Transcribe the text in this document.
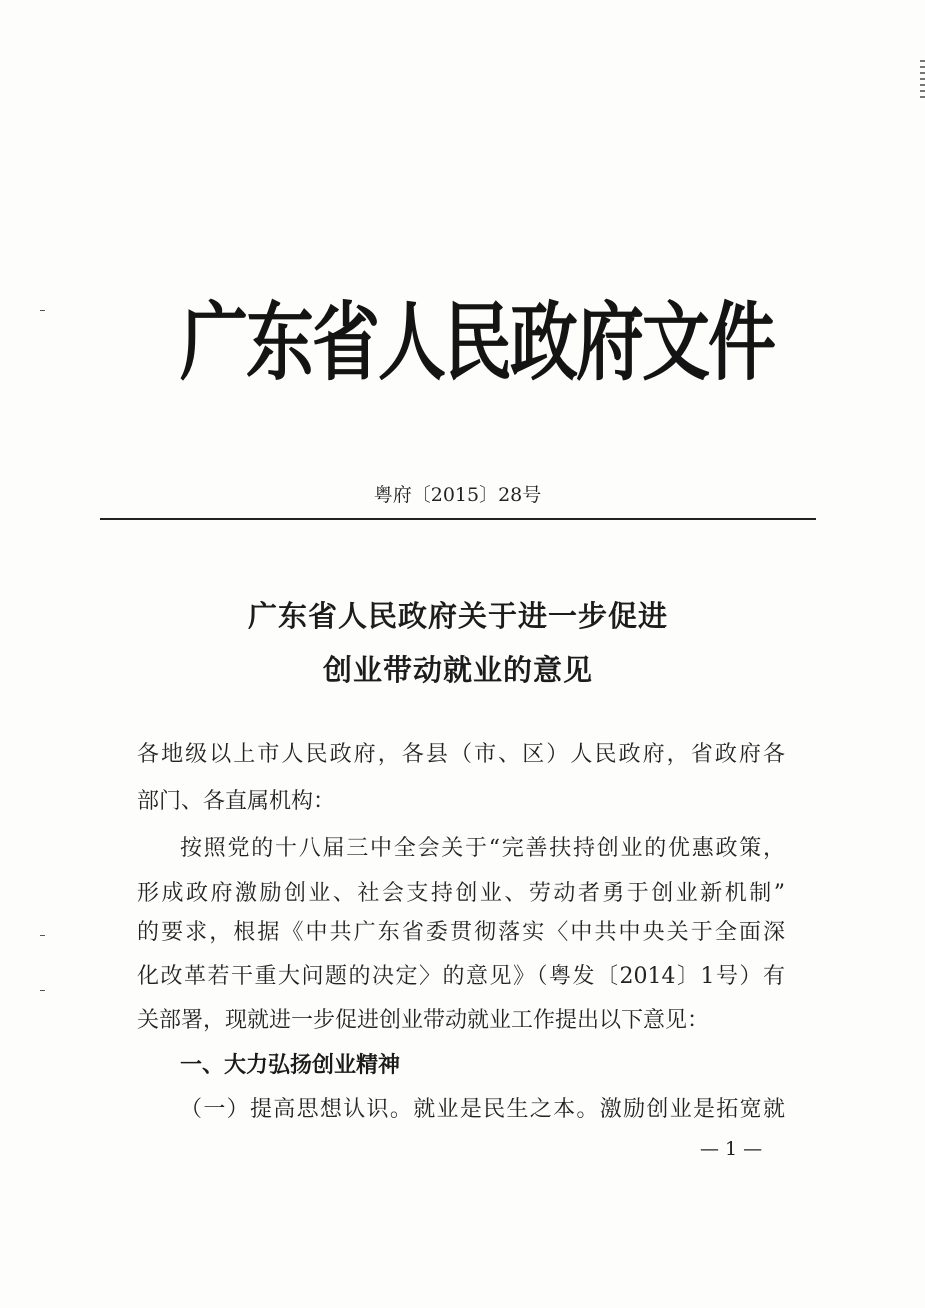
广东省人民政府文件
粤府〔2015〕28号
广东省人民政府关于进一步促进
创业带动就业的意见
各地级以上市人民政府，各县（市、区）人民政府，省政府各
部门、各直属机构：
按照党的十八届三中全会关于“完善扶持创业的优惠政策，
形成政府激励创业、社会支持创业、劳动者勇于创业新机制”
的要求，根据《中共广东省委贯彻落实〈中共中央关于全面深
化改革若干重大问题的决定〉的意见》（粤发〔2014〕1号）有
关部署，现就进一步促进创业带动就业工作提出以下意见：
一、大力弘扬创业精神
（一）提高思想认识。就业是民生之本。激励创业是拓宽就
— 1 —
